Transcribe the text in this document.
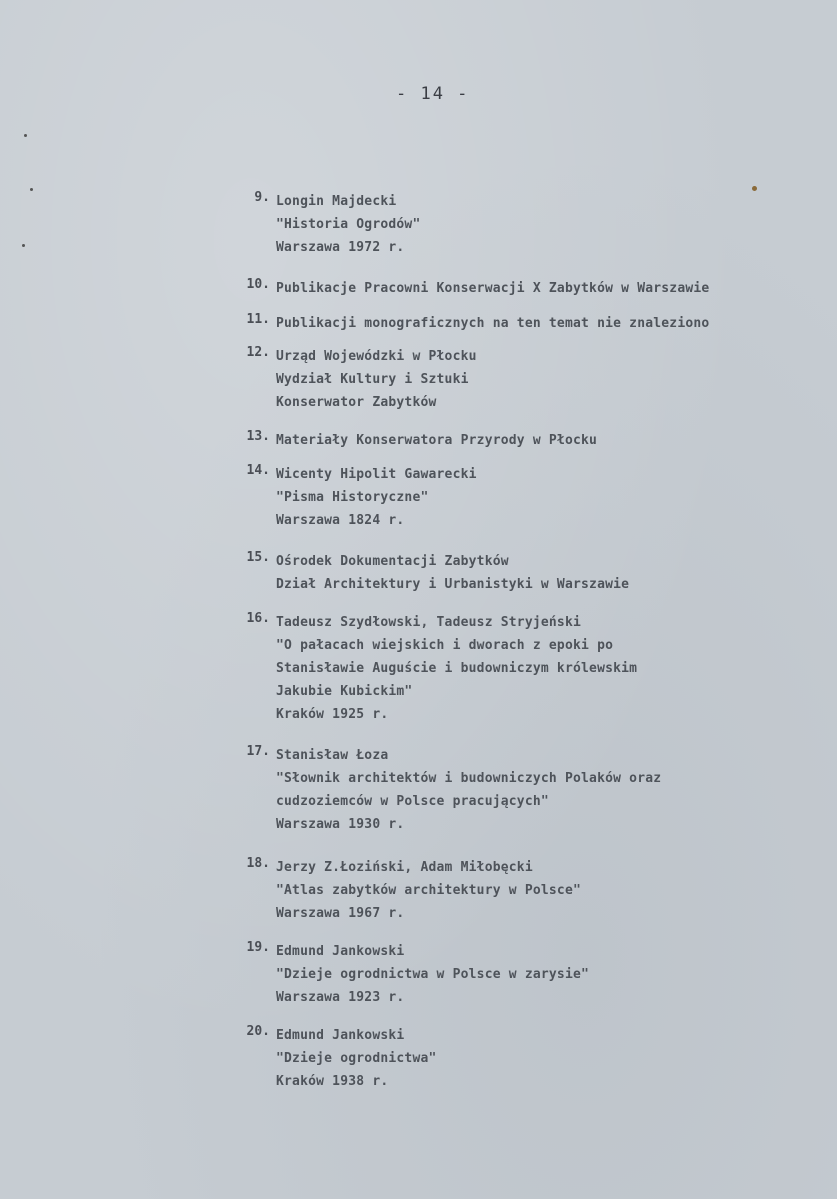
- 14 -
9. Longin Majdecki
"Historia Ogrodów"
Warszawa 1972 r.
10. Publikacje Pracowni Konserwacji X Zabytków w Warszawie
11. Publikacji monograficznych na ten temat nie znaleziono
12. Urząd Wojewódzki w Płocku
Wydział Kultury i Sztuki
Konserwator Zabytków
13. Materiały Konserwatora Przyrody w Płocku
14. Wicenty Hipolit Gawarecki
"Pisma Historyczne"
Warszawa 1824 r.
15. Ośrodek Dokumentacji Zabytków
Dział Architektury i Urbanistyki w Warszawie
16. Tadeusz Szydłowski, Tadeusz Stryjeński
"O pałacach wiejskich i dworach z epoki po
Stanisławie Auguście i budowniczym królewskim
Jakubie Kubickim"
Kraków 1925 r.
17. Stanisław Łoza
"Słownik architektów i budowniczych Polaków oraz
cudzoziemców w Polsce pracujących"
Warszawa 1930 r.
18. Jerzy Z.Łoziński, Adam Miłobęcki
"Atlas zabytków architektury w Polsce"
Warszawa 1967 r.
19. Edmund Jankowski
"Dzieje ogrodnictwa w Polsce w zarysie"
Warszawa 1923 r.
20. Edmund Jankowski
"Dzieje ogrodnictwa"
Kraków 1938 r.
